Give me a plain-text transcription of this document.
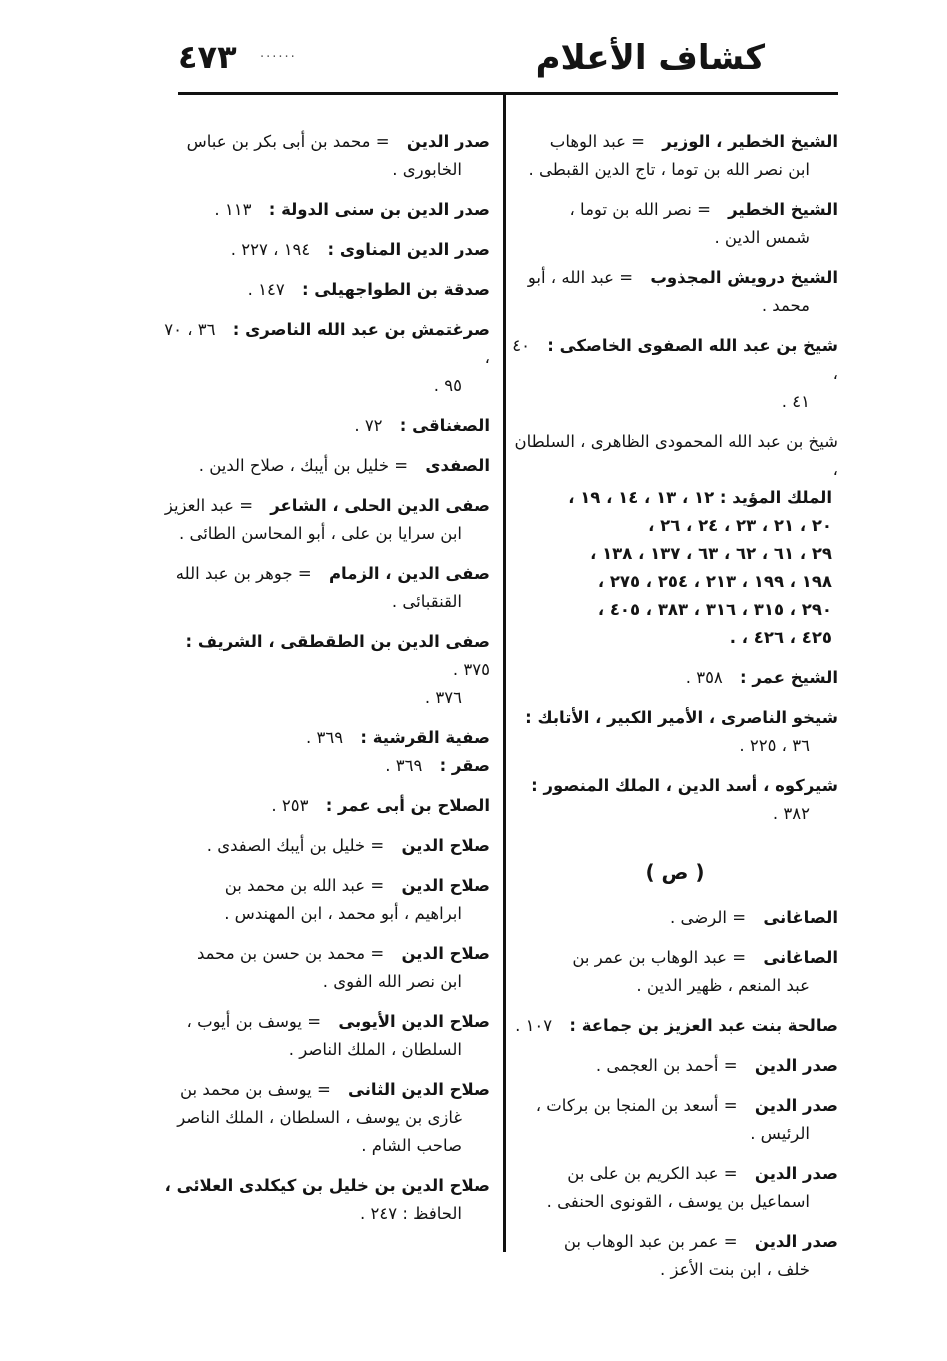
٤٧٣ ......	كشاف الأعلام
الشيخ الخطير ، الوزير = عبد الوهاب
ابن نصر الله بن توما ، تاج الدين القبطى .
الشيخ الخطير = نصر الله بن توما ،
شمس الدين .
الشيخ درويش المجذوب = عبد الله ، أبو
محمد .
شيخ بن عبد الله الصفوى الخاصكى : ٤٠ ،
٤١ .
شيخ بن عبد الله المحمودى الظاهرى ، السلطان ،
الملك المؤيد : ١٢ ، ١٣ ، ١٤ ، ١٩ ،
٢٠ ، ٢١ ، ٢٣ ، ٢٤ ، ٢٦ ،
٢٩ ، ٦١ ، ٦٢ ، ٦٣ ، ١٣٧ ، ١٣٨ ،
١٩٨ ، ١٩٩ ، ٢١٣ ، ٢٥٤ ، ٢٧٥ ،
٢٩٠ ، ٣١٥ ، ٣١٦ ، ٣٨٣ ، ٤٠٥ ،
٤٢٥ ، ٤٢٦ ، .
الشيخ عمر : ٣٥٨ .
شيخو الناصرى ، الأمير الكبير ، الأتابك :
٣٦ ، ٢٢٥ .
شيركوه ، أسد الدين ، الملك المنصور :
٣٨٢ .
( ص )
الصاغانى = الرضى .
الصاغانى = عبد الوهاب بن عمر بن
عبد المنعم ، ظهير الدين .
صالحة بنت عبد العزيز بن جماعة : ١٠٧ .
صدر الدين = أحمد بن العجمى .
صدر الدين = أسعد بن المنجا بن بركات ،
الرئيس .
صدر الدين = عبد الكريم بن على بن
اسماعيل بن يوسف ، القونوى الحنفى .
صدر الدين = عمر بن عبد الوهاب بن
خلف ، ابن بنت الأعز .
صدر الدين = محمد بن أبى بكر بن عباس
الخابورى .
صدر الدين بن سنى الدولة : ١١٣ .
صدر الدين المناوى : ١٩٤ ، ٢٢٧ .
صدقة بن الطواجهيلى : ١٤٧ .
صرغتمش بن عبد الله الناصرى : ٣٦ ، ٧٠ ،
٩٥ .
الصغناقى : ٧٢ .
الصفدى = خليل بن أيبك ، صلاح الدين .
صفى الدين الحلى ، الشاعر = عبد العزيز
ابن سرايا بن على ، أبو المحاسن الطائى .
صفى الدين ، الزمام = جوهر بن عبد الله
القنقبائى .
صفى الدين بن الطقطقى ، الشريف : ٣٧٥ .
٣٧٦ .
صفية القرشية : ٣٦٩ .
صقر : ٣٦٩ .
الصلاح بن أبى عمر : ٢٥٣ .
صلاح الدين = خليل بن أيبك الصفدى .
صلاح الدين = عبد الله بن محمد بن
ابراهيم ، أبو محمد ، ابن المهندس .
صلاح الدين = محمد بن حسن بن محمد
ابن نصر الله الفوى .
صلاح الدين الأيوبى = يوسف بن أيوب ،
السلطان ، الملك الناصر .
صلاح الدين الثانى = يوسف بن محمد بن
غازى بن يوسف ، السلطان ، الملك الناصر صاحب الشام .
صلاح الدين بن خليل بن كيكلدى العلائى ،
الحافظ : ٢٤٧ .
